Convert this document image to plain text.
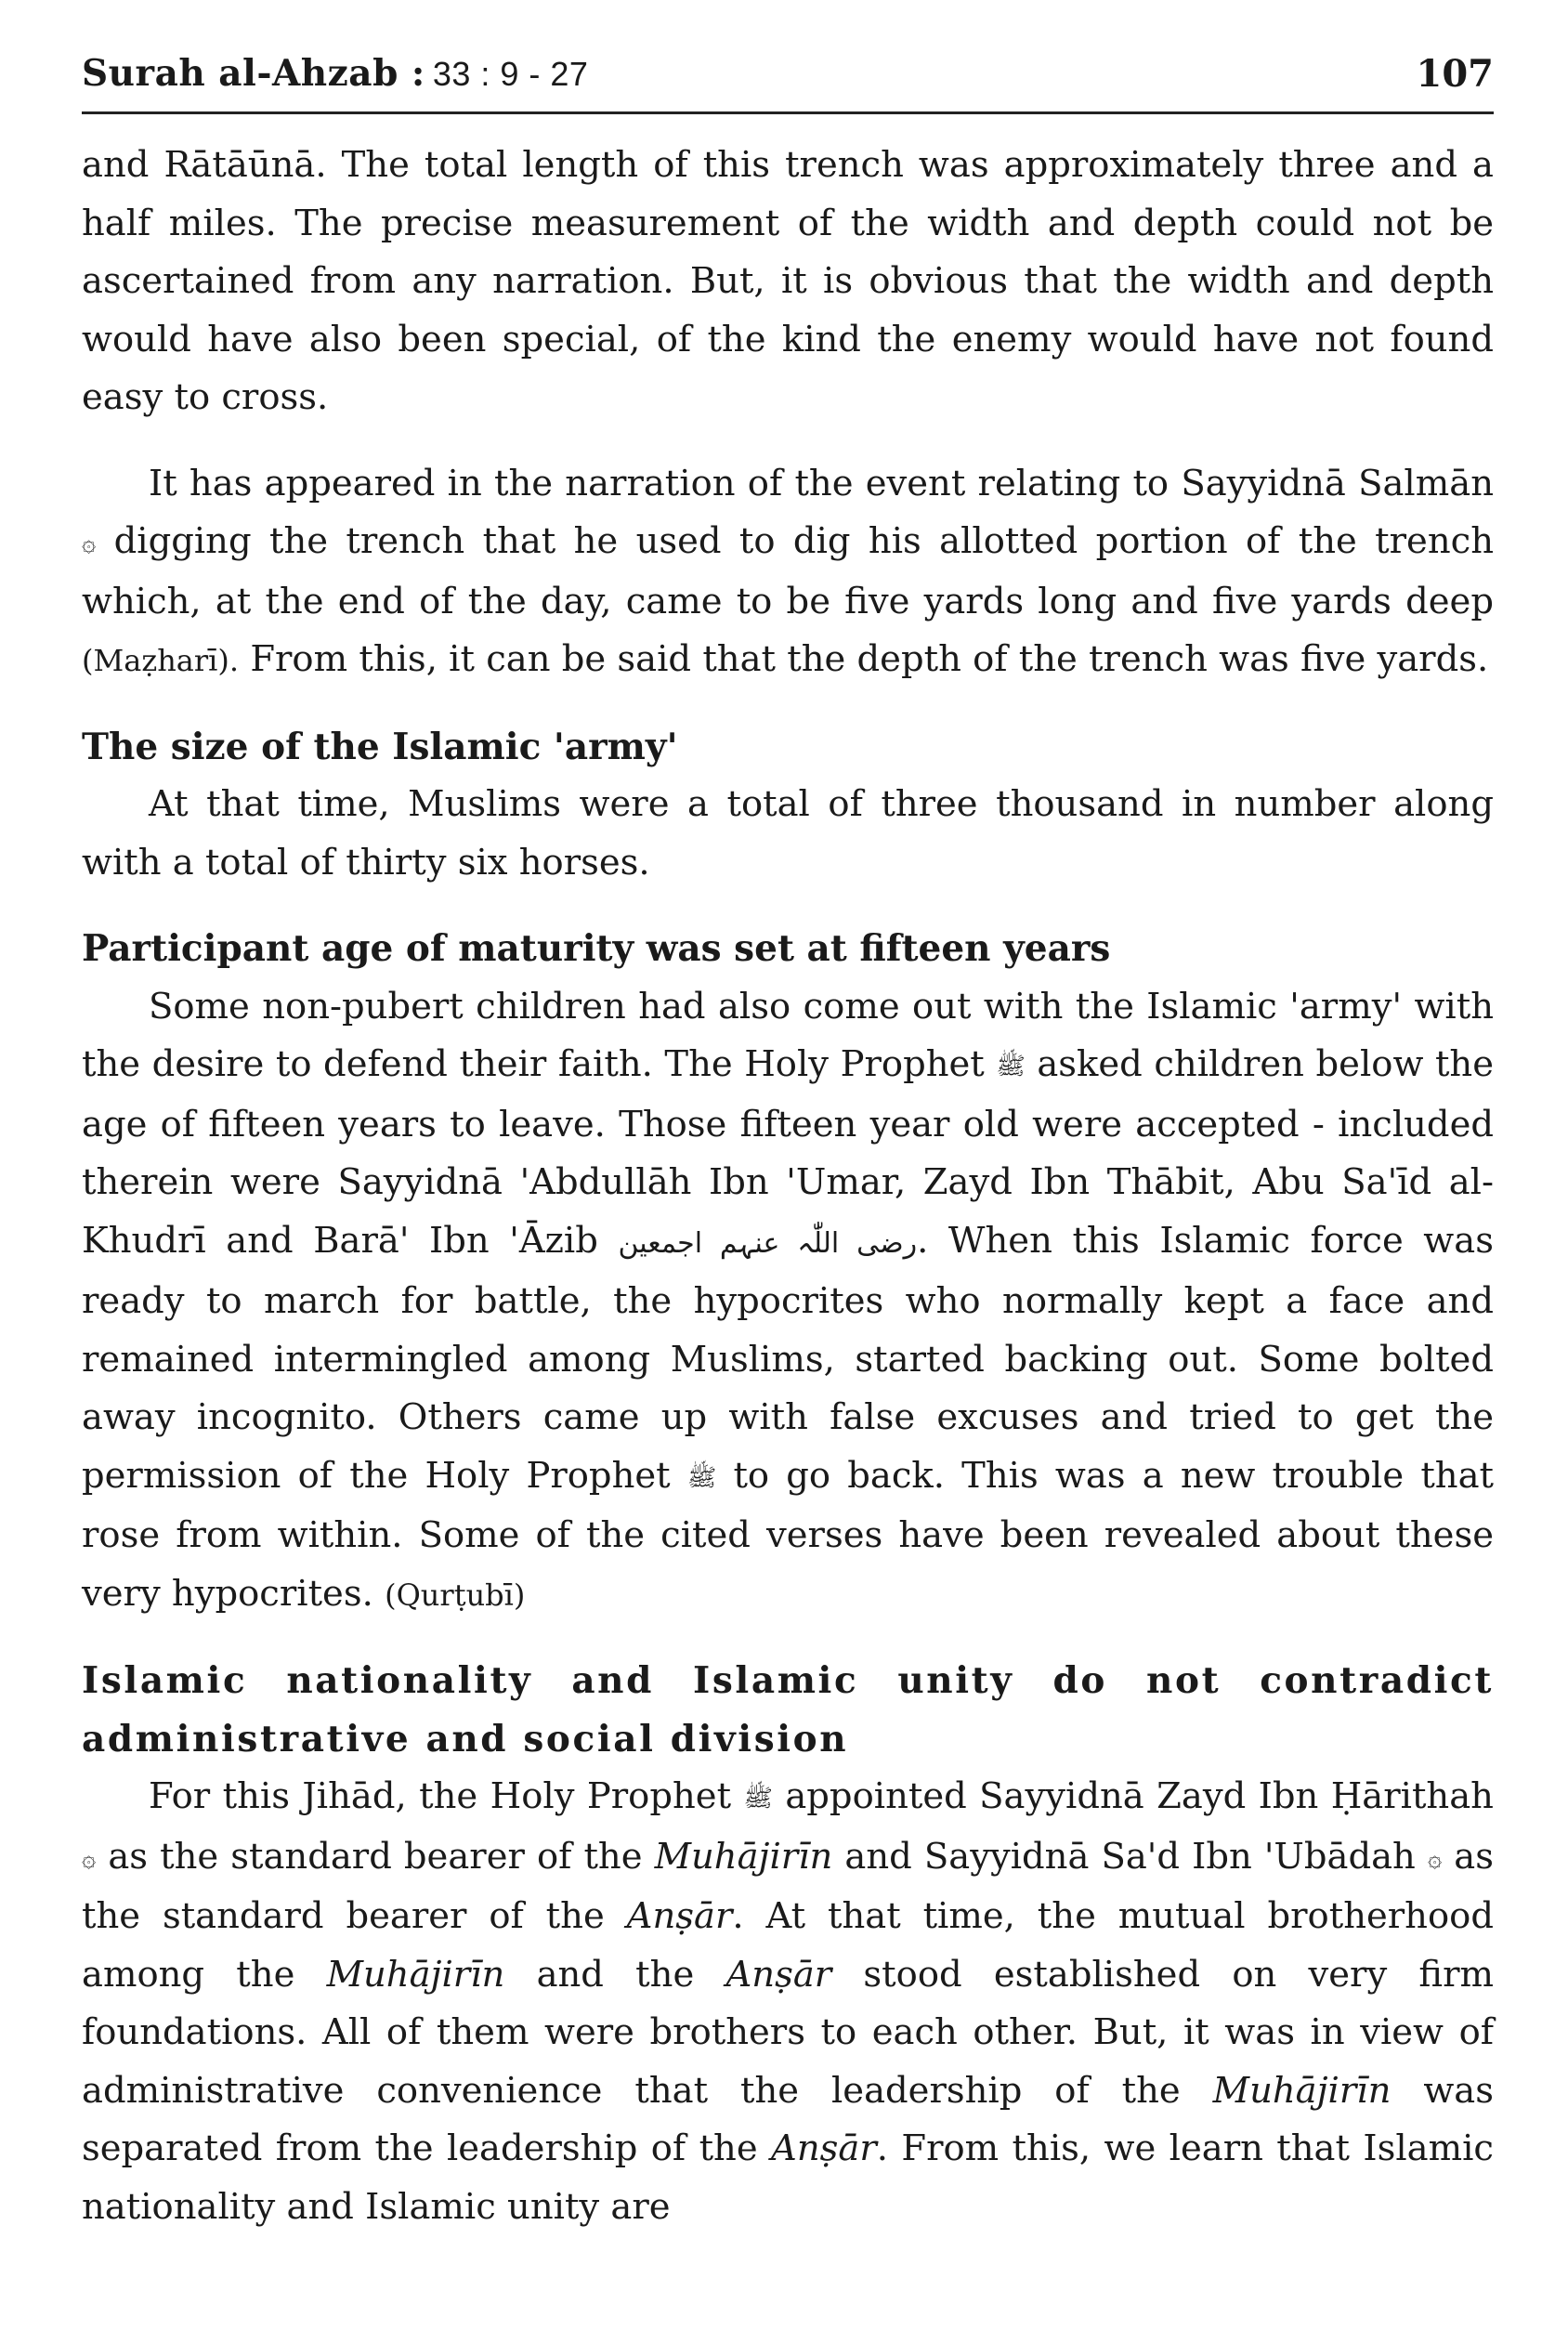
Surah al-Ahzab : 33 : 9 - 27	107

and Rātāūnā. The total length of this trench was approximately three and a half miles. The precise measurement of the width and depth could not be ascertained from any narration. But, it is obvious that the width and depth would have also been special, of the kind the enemy would have not found easy to cross.

It has appeared in the narration of the event relating to Sayyidnā Salmān ۞ digging the trench that he used to dig his allotted portion of the trench which, at the end of the day, came to be five yards long and five yards deep (Maẓharī). From this, it can be said that the depth of the trench was five yards.

The size of the Islamic 'army'

At that time, Muslims were a total of three thousand in number along with a total of thirty six horses.

Participant age of maturity was set at fifteen years

Some non-pubert children had also come out with the Islamic 'army' with the desire to defend their faith. The Holy Prophet ﷺ asked children below the age of fifteen years to leave. Those fifteen year old were accepted - included therein were Sayyidnā 'Abdullāh Ibn 'Umar, Zayd Ibn Thābit, Abu Sa'īd al-Khudrī and Barā' Ibn 'Āzib رضی اللّٰہ عنہم اجمعین. When this Islamic force was ready to march for battle, the hypocrites who normally kept a face and remained intermingled among Muslims, started backing out. Some bolted away incognito. Others came up with false excuses and tried to get the permission of the Holy Prophet ﷺ to go back. This was a new trouble that rose from within. Some of the cited verses have been revealed about these very hypocrites. (Qurṭubī)

Islamic nationality and Islamic unity do not contradict administrative and social division

For this Jihād, the Holy Prophet ﷺ appointed Sayyidnā Zayd Ibn Ḥārithah ۞ as the standard bearer of the Muhājirīn and Sayyidnā Sa'd Ibn 'Ubādah ۞ as the standard bearer of the Anṣār. At that time, the mutual brotherhood among the Muhājirīn and the Anṣār stood established on very firm foundations. All of them were brothers to each other. But, it was in view of administrative convenience that the leadership of the Muhājirīn was separated from the leadership of the Anṣār. From this, we learn that Islamic nationality and Islamic unity are
